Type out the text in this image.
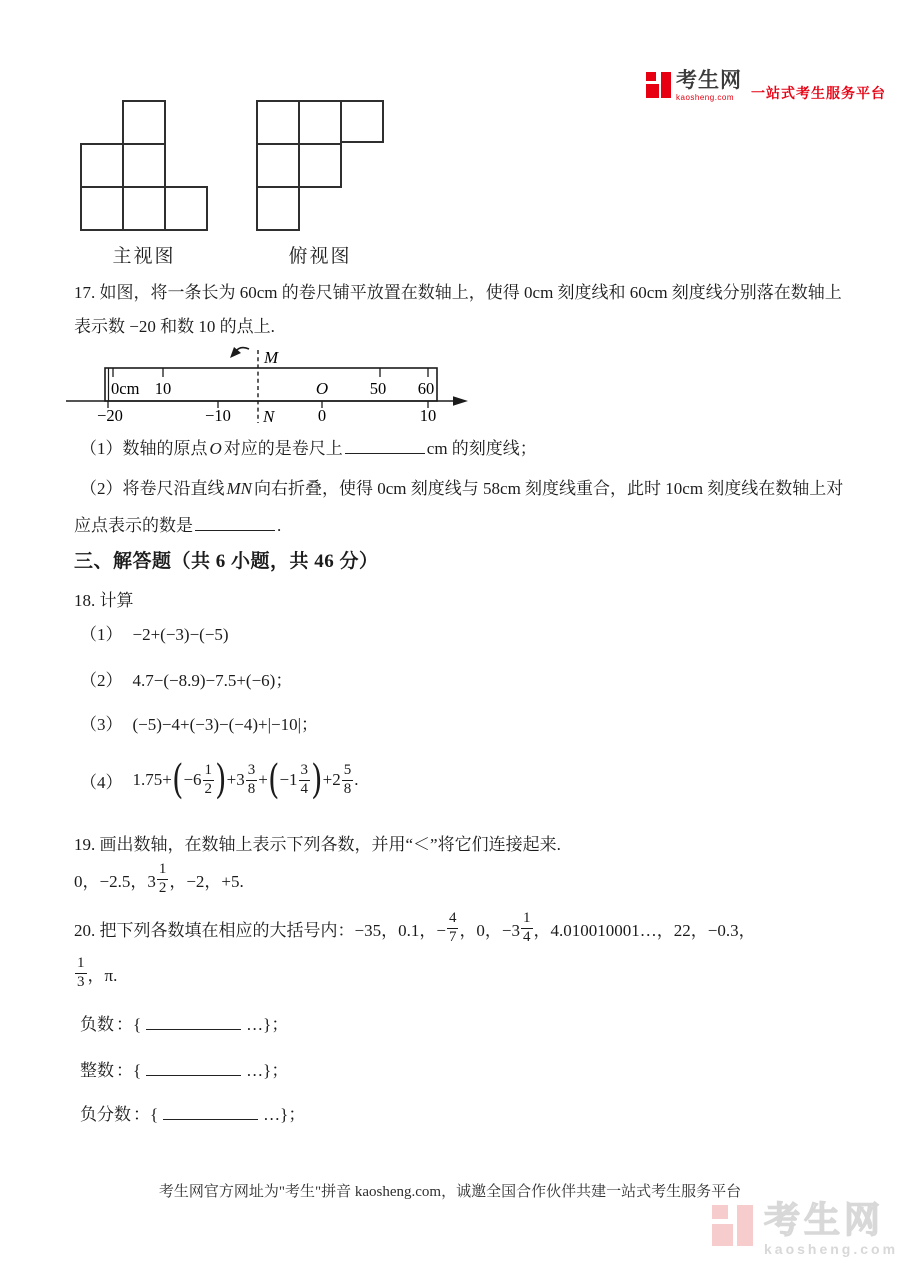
考生网
kaosheng.com	一站式考生服务平台
主视图	俯视图
17. 如图，将一条长为 60cm 的卷尺铺平放置在数轴上，使得 0cm 刻度线和 60cm 刻度线分别落在数轴上
表示数 −20 和数 10 的点上.
0cm 10	O	50 60
−20	−10	0	10
M
N
（1）数轴的原点 O 对应的是卷尺上	cm 的刻度线；
（2）将卷尺沿直线 MN 向右折叠，使得 0cm 刻度线与 58cm 刻度线重合，此时 10cm 刻度线在数轴上对
应点表示的数是	.
三、解答题（共 6 小题，共 46 分）
18. 计算
（1） −2+(−3)−(−5)
（2） 4.7−(−8.9)−7.5+(−6)；
（3） (−5)−4+(−3)−(−4)+|−10|；
（4） 1.75+ ( $-6 \frac{1}{2}$ ) $+3 \frac{3}{8}$ + ( $-1 \frac{3}{4}$ ) $+2 \frac{5}{8}$ .
19. 画出数轴，在数轴上表示下列各数，并用“＜”将它们连接起来.
0，−2.5，$3 \frac{1}{2}$ ，−2，+5.
20. 把下列各数填在相应的大括号内：−35，0.1，− $\frac{4}{7}$ ，0，$-3 \frac{1}{4}$ ，4.010010001…，22，−0.3，
$\frac{1}{3}$ ，π.
负数 ：{	…}；
整数 ：{	…}；
负分数 ：{	…}；
考生网官方网址为"考生"拼音 kaosheng.com，诚邀全国合作伙伴共建一站式考生服务平台
考生网
kaosheng.com
